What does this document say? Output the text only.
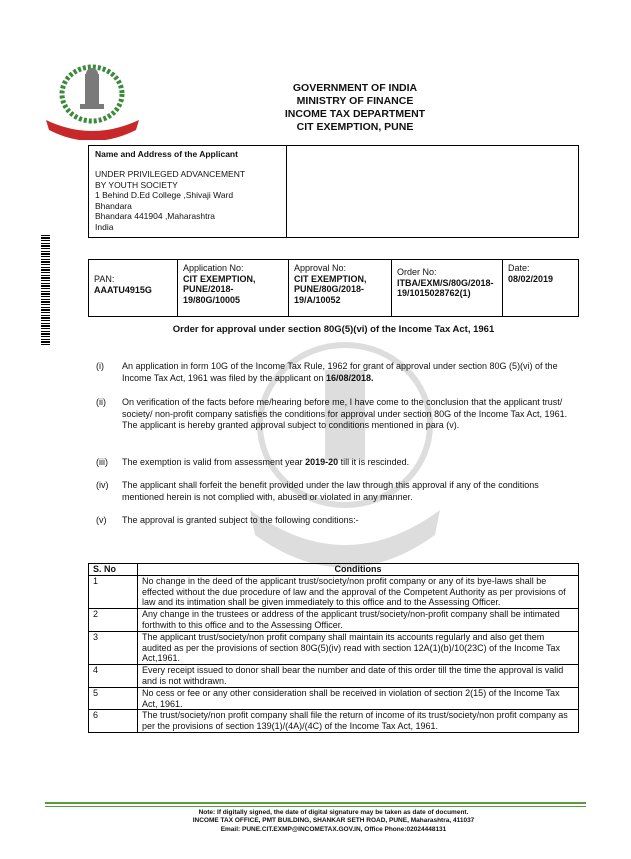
GOVERNMENT OF INDIA
MINISTRY OF FINANCE
INCOME TAX DEPARTMENT
CIT EXEMPTION, PUNE
Name and Address of the Applicant
UNDER PRIVILEGED ADVANCEMENT
BY YOUTH SOCIETY
1 Behind D.Ed College ,Shivaji Ward
Bhandara
Bhandara 441904 ,Maharashtra
India

PAN:
AAATU4915G

Application No:
CIT EXEMPTION, PUNE/2018-19/80G/10005

Approval No:
CIT EXEMPTION, PUNE/80G/2018-19/A/10052

Order No:
ITBA/EXM/S/80G/2018-19/1015028762(1)

Date:
08/02/2019
Order for approval under section 80G(5)(vi) of the Income Tax Act, 1961
(i)	An application in form 10G of the Income Tax Rule, 1962 for grant of approval under section 80G (5)(vi) of the Income Tax Act, 1961 was filed by the applicant on 16/08/2018.
(ii)	On verification of the facts before me/hearing before me, I have come to the conclusion that the applicant trust/ society/ non-profit company satisfies the conditions for approval under section 80G of the Income Tax Act, 1961. The applicant is hereby granted approval subject to conditions mentioned in para (v).
(iii)	The exemption is valid from assessment year 2019-20 till it is rescinded.
(iv)	The applicant shall forfeit the benefit provided under the law through this approval if any of the conditions mentioned herein is not complied with, abused or violated in any manner.
(v)	The approval is granted subject to the following conditions:-
S. No	Conditions
1	No change in the deed of the applicant trust/society/non profit company or any of its bye-laws shall be effected without the due procedure of law and the approval of the Competent Authority as per provisions of law and its intimation shall be given immediately to this office and to the Assessing Officer.
2	Any change in the trustees or address of the applicant trust/society/non-profit company shall be intimated forthwith to this office and to the Assessing Officer.
3	The applicant trust/society/non profit company shall maintain its accounts regularly and also get them audited as per the provisions of section 80G(5)(iv) read with section 12A(1)(b)/10(23C) of the Income Tax Act,1961.
4	Every receipt issued to donor shall bear the number and date of this order till the time the approval is valid and is not withdrawn.
5	No cess or fee or any other consideration shall be received in violation of section 2(15) of the Income Tax Act, 1961.
6	The trust/society/non profit company shall file the return of income of its trust/society/non profit company as per the provisions of section 139(1)/(4A)/(4C) of the Income Tax Act, 1961.
Note: If digitally signed, the date of digital signature may be taken as date of document.
INCOME TAX OFFICE, PMT BUILDING, SHANKAR SETH ROAD, PUNE, Maharashtra, 411037
Email: PUNE.CIT.EXMP@INCOMETAX.GOV.IN, Office Phone:02024448131
